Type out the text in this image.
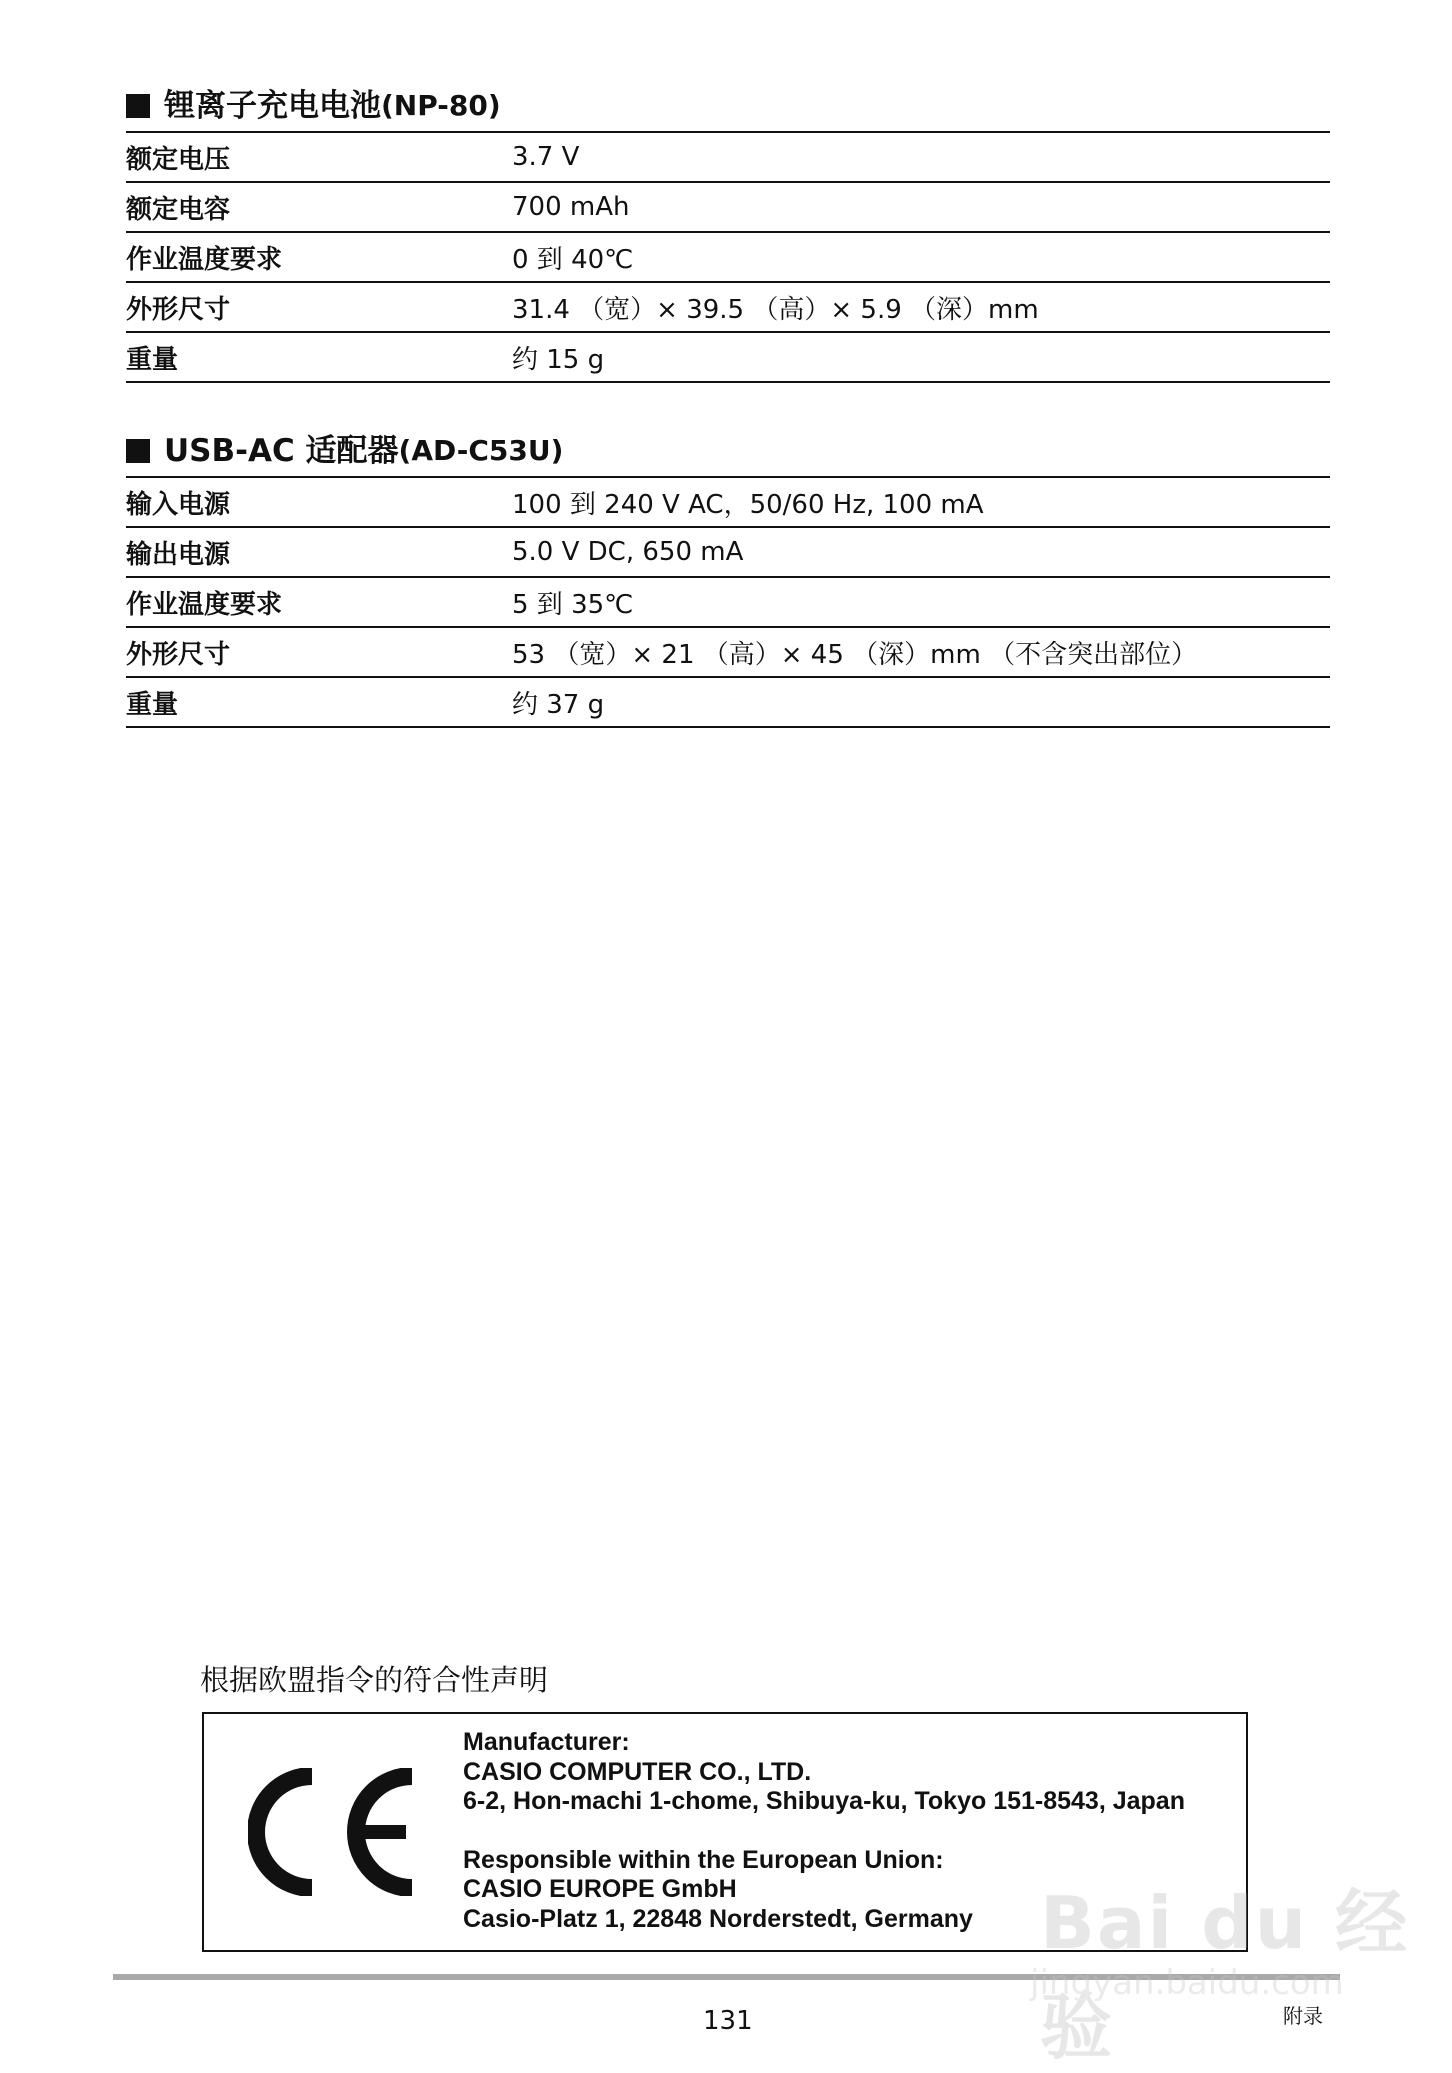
锂离子充电电池 (NP-80)
额定电压	3.7 V
额定电容	700 mAh
作业温度要求	0 到 40℃
外形尺寸	31.4 （宽）× 39.5 （高）× 5.9 （深）mm
重量	约 15 g
USB-AC 适配器 (AD-C53U)
输入电源	100 到 240 V AC，50/60 Hz, 100 mA
输出电源	5.0 V DC, 650 mA
作业温度要求	5 到 35℃
外形尺寸	53 （宽）× 21 （高）× 45 （深）mm （不含突出部位）
重量	约 37 g
根据欧盟指令的符合性声明

Manufacturer:

CASIO COMPUTER CO., LTD.

6-2, Hon-machi 1-chome, Shibuya-ku, Tokyo 151-8543, Japan

Responsible within the European Union:

CASIO EUROPE GmbH

Casio-Platz 1, 22848 Norderstedt, Germany

131	附录
Bai du 经验
jingyan.baidu.com
